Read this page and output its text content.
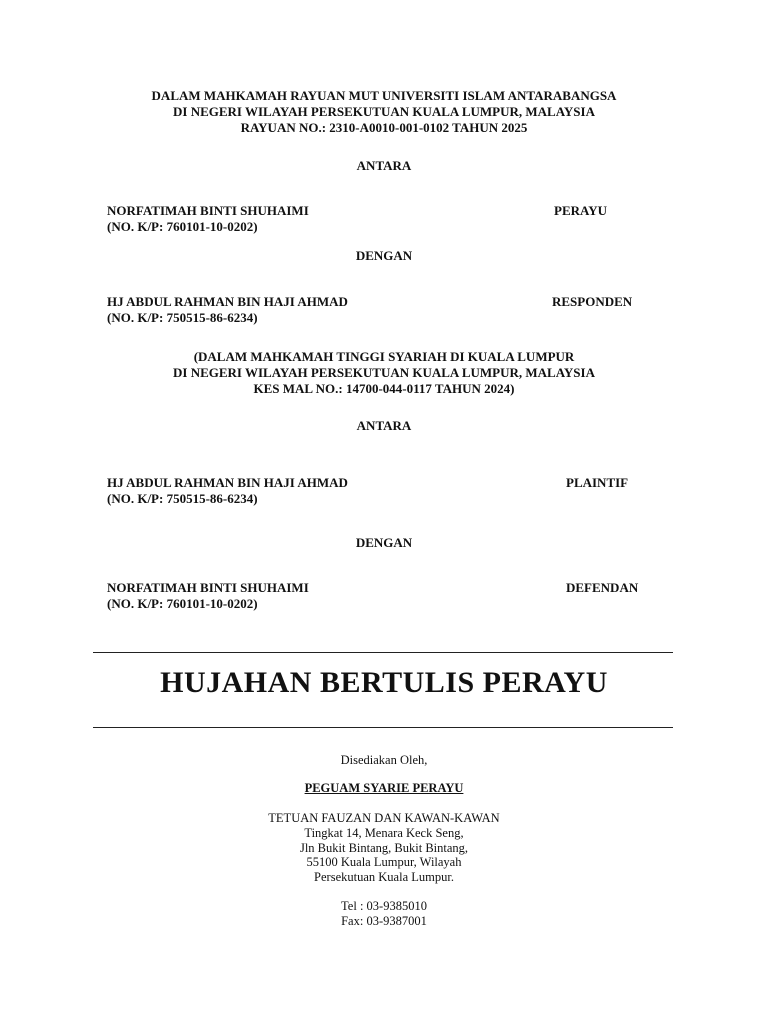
DALAM MAHKAMAH RAYUAN MUT UNIVERSITI ISLAM ANTARABANGSA
DI NEGERI WILAYAH PERSEKUTUAN KUALA LUMPUR, MALAYSIA
RAYUAN NO.: 2310-A0010-001-0102 TAHUN 2025
ANTARA
NORFATIMAH BINTI SHUHAIMI
(NO. K/P: 760101-10-0202)
PERAYU
DENGAN
HJ ABDUL RAHMAN BIN HAJI AHMAD
(NO. K/P: 750515-86-6234)
RESPONDEN
(DALAM MAHKAMAH TINGGI SYARIAH DI KUALA LUMPUR
DI NEGERI WILAYAH PERSEKUTUAN KUALA LUMPUR, MALAYSIA
KES MAL NO.: 14700-044-0117 TAHUN 2024)
ANTARA
HJ ABDUL RAHMAN BIN HAJI AHMAD
(NO. K/P: 750515-86-6234)
PLAINTIF
DENGAN
NORFATIMAH BINTI SHUHAIMI
(NO. K/P: 760101-10-0202)
DEFENDAN
HUJAHAN BERTULIS PERAYU
Disediakan Oleh,
PEGUAM SYARIE PERAYU
TETUAN FAUZAN DAN KAWAN-KAWAN
Tingkat 14, Menara Keck Seng,
Jln Bukit Bintang, Bukit Bintang,
55100 Kuala Lumpur, Wilayah
Persekutuan Kuala Lumpur.
Tel : 03-9385010
Fax: 03-9387001
